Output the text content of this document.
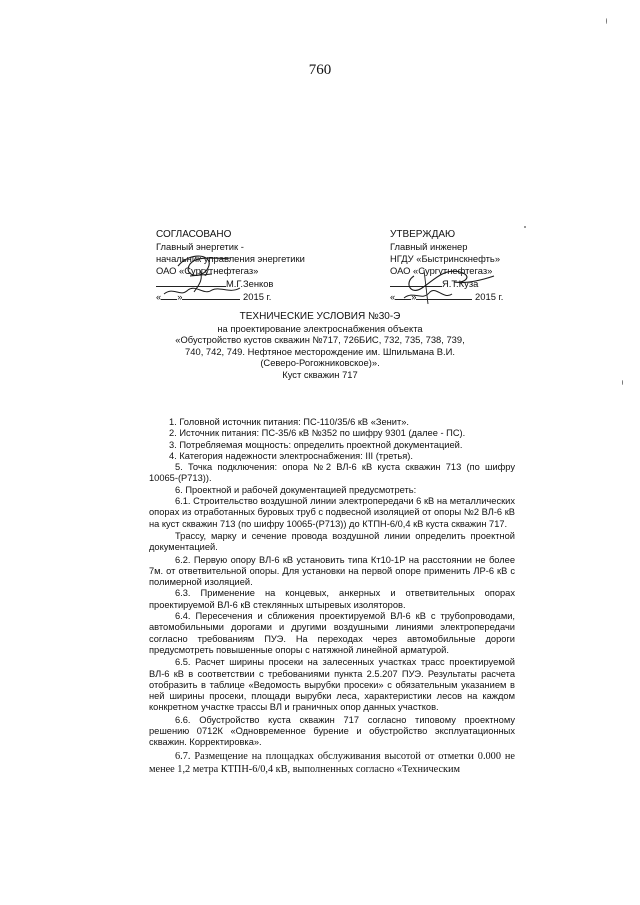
760
СОГЛАСОВАНО
Главный энергетик -
начальник управления энергетики
ОАО «Сургутнефтегаз»
М.Г.Зенков
« »	2015 г.
УТВЕРЖДАЮ
Главный инженер
НГДУ «Быстринскнефть»
ОАО «Сургутнефтегаз»
Я.Т.Куза
« »	2015 г.
ТЕХНИЧЕСКИЕ УСЛОВИЯ №30-Э
на проектирование электроснабжения объекта
«Обустройство кустов скважин №717, 726БИС, 732, 735, 738, 739,
740, 742, 749. Нефтяное месторождение им. Шпильмана В.И.
(Северо-Рогожниковское)».
Куст скважин 717

1. Головной источник питания: ПС-110/35/6 кВ «Зенит».

2. Источник питания: ПС-35/6 кВ №352 по шифру 9301 (далее - ПС).

3. Потребляемая мощность: определить проектной документацией.

4. Категория надежности электроснабжения: III (третья).

5. Точка подключения: опора №2 ВЛ-6 кВ куста скважин 713 (по шифру 10065-(Р713)).

6. Проектной и рабочей документацией предусмотреть:

6.1. Строительство воздушной линии электропередачи 6 кВ на металлических опорах из отработанных буровых труб с подвесной изоляцией от опоры №2 ВЛ-6 кВ на куст скважин 713 (по шифру 10065-(Р713)) до КТПН-6/0,4 кВ куста скважин 717.

Трассу, марку и сечение провода воздушной линии определить проектной документацией.

6.2. Первую опору ВЛ-6 кВ установить типа Кт10-1Р на расстоянии не более 7м. от ответвительной опоры. Для установки на первой опоре применить ЛР-6 кВ с полимерной изоляцией.

6.3. Применение на концевых, анкерных и ответвительных опорах проектируемой ВЛ-6 кВ стеклянных штыревых изоляторов.

6.4. Пересечения и сближения проектируемой ВЛ-6 кВ с трубопроводами, автомобильными дорогами и другими воздушными линиями электропередачи согласно требованиям ПУЭ. На переходах через автомобильные дороги предусмотреть повышенные опоры с натяжной линейной арматурой.

6.5. Расчет ширины просеки на залесенных участках трасс проектируемой ВЛ-6 кВ в соответствии с требованиями пункта 2.5.207 ПУЭ. Результаты расчета отобразить в таблице «Ведомость вырубки просеки» с обязательным указанием в ней ширины просеки, площади вырубки леса, характеристики лесов на каждом конкретном участке трассы ВЛ и граничных опор данных участков.

6.6. Обустройство куста скважин 717 согласно типовому проектному решению 0712К «Одновременное бурение и обустройство эксплуатационных скважин. Корректировка».

6.7. Размещение на площадках обслуживания высотой от отметки 0.000 не менее 1,2 метра КТПН-6/0,4 кВ, выполненных согласно «Техническим
